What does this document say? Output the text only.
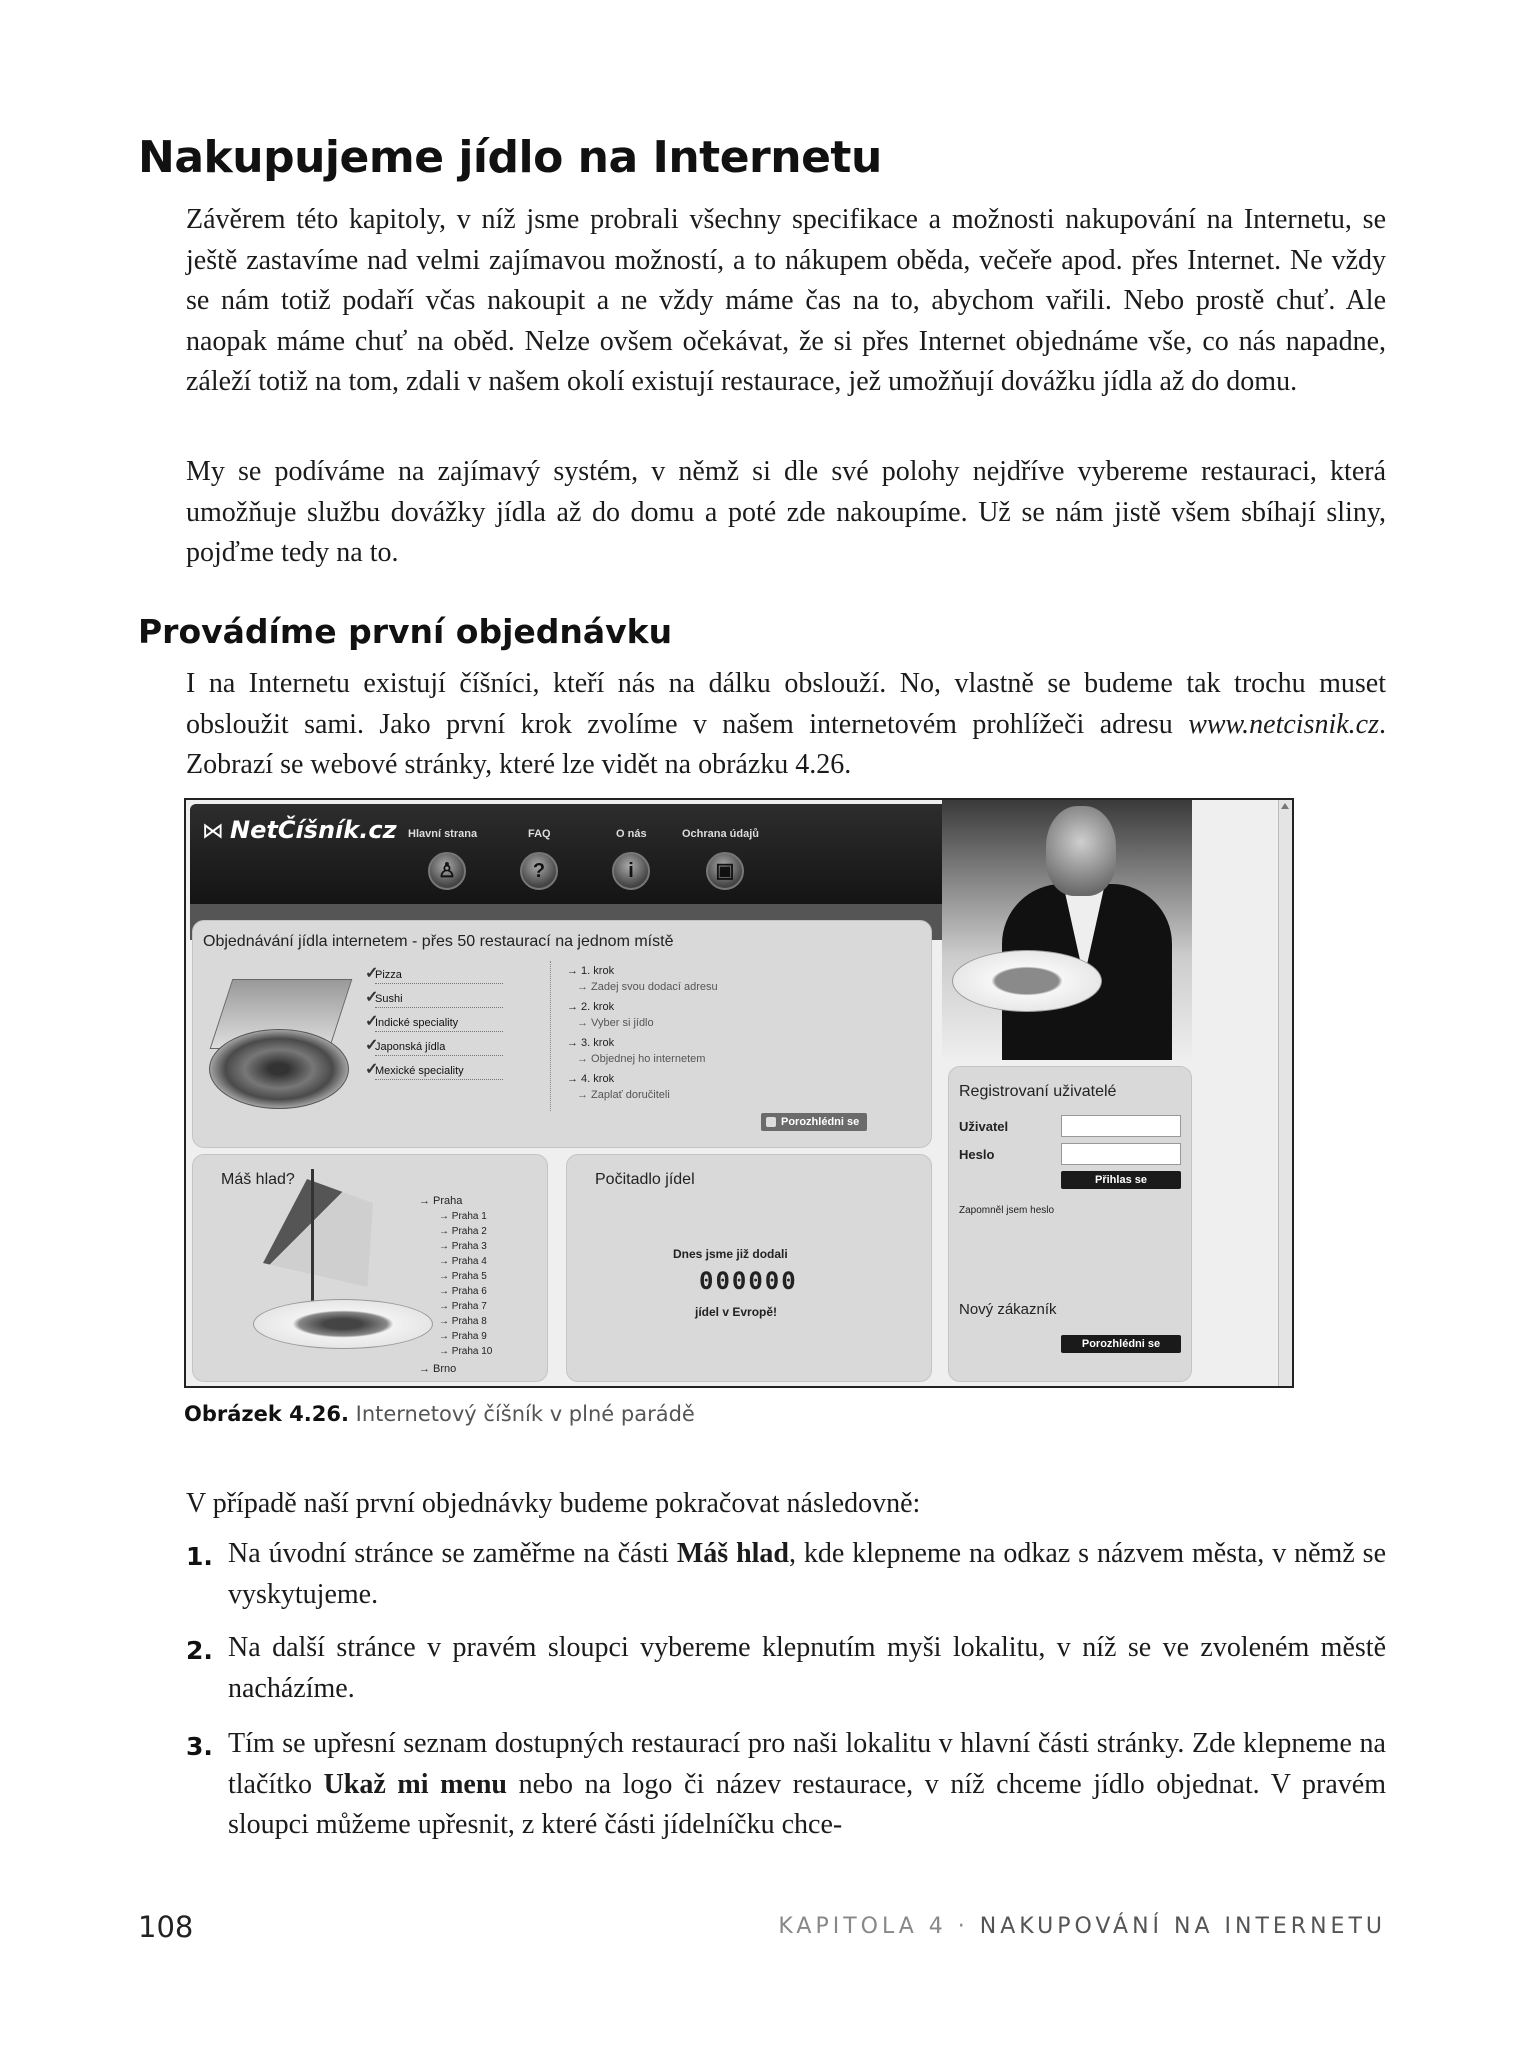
Nakupujeme jídlo na Internetu

Závěrem této kapitoly, v níž jsme probrali všechny specifikace a možnosti nakupování na Internetu, se ještě zastavíme nad velmi zajímavou možností, a to nákupem oběda, večeře apod. přes Internet. Ne vždy se nám totiž podaří včas nakoupit a ne vždy máme čas na to, abychom vařili. Nebo prostě chuť. Ale naopak máme chuť na oběd. Nelze ovšem očekávat, že si přes Internet objednáme vše, co nás napadne, záleží totiž na tom, zdali v našem okolí existují restaurace, jež umožňují dovážku jídla až do domu.

My se podíváme na zajímavý systém, v němž si dle své polohy nejdříve vybereme restauraci, která umožňuje službu dovážky jídla až do domu a poté zde nakoupíme. Už se nám jistě všem sbíhají sliny, pojďme tedy na to.

Provádíme první objednávku

I na Internetu existují číšníci, kteří nás na dálku obslouží. No, vlastně se budeme tak trochu muset obsloužit sami. Jako první krok zvolíme v našem internetovém prohlížeči adresu www.netcisnik.cz. Zobrazí se webové stránky, které lze vidět na obrázku 4.26.

⋈ NetČíšník.cz Hlavní strana	FAQ	O nás	Ochrana údajů
♙	?	i	▣
Objednávání jídla internetem - přes 50 restaurací na jednom místě
✓
Pizza
✓
Sushi
✓
Indické speciality
✓
Japonská jídla
✓
Mexické speciality
→ 1. krok
→ Zadej svou dodací adresu
→ 2. krok
→ Vyber si jídlo
→ 3. krok
→ Objednej ho internetem
→ 4. krok
→ Zaplať doručiteli
Porozhlédni se
Máš hlad?
→ Praha
→ Praha 1
→ Praha 2
→ Praha 3
→ Praha 4
→ Praha 5
→ Praha 6
→ Praha 7
→ Praha 8
→ Praha 9
→ Praha 10
→ Brno
Počitadlo jídel
Dnes jsme již dodali
000000
jídel v Evropě!
Registrovaní uživatelé
Uživatel
Heslo
Přihlas se
Zapomněl jsem heslo
Nový zákazník
Porozhlédni se
Obrázek 4.26. Internetový číšník v plné parádě

V případě naší první objednávky budeme pokračovat následovně:

1. Na úvodní stránce se zaměřme na části Máš hlad, kde klepneme na odkaz s názvem města, v němž se vyskytujeme.

2. Na další stránce v pravém sloupci vybereme klepnutím myši lokalitu, v níž se ve zvoleném městě nacházíme.

3. Tím se upřesní seznam dostupných restaurací pro naši lokalitu v hlavní části stránky. Zde klepneme na tlačítko Ukaž mi menu nebo na logo či název restaurace, v níž chceme jídlo objednat. V pravém sloupci můžeme upřesnit, z které části jídelníčku chce-

108	KAPITOLA 4 · NAKUPOVÁNÍ NA INTERNETU
